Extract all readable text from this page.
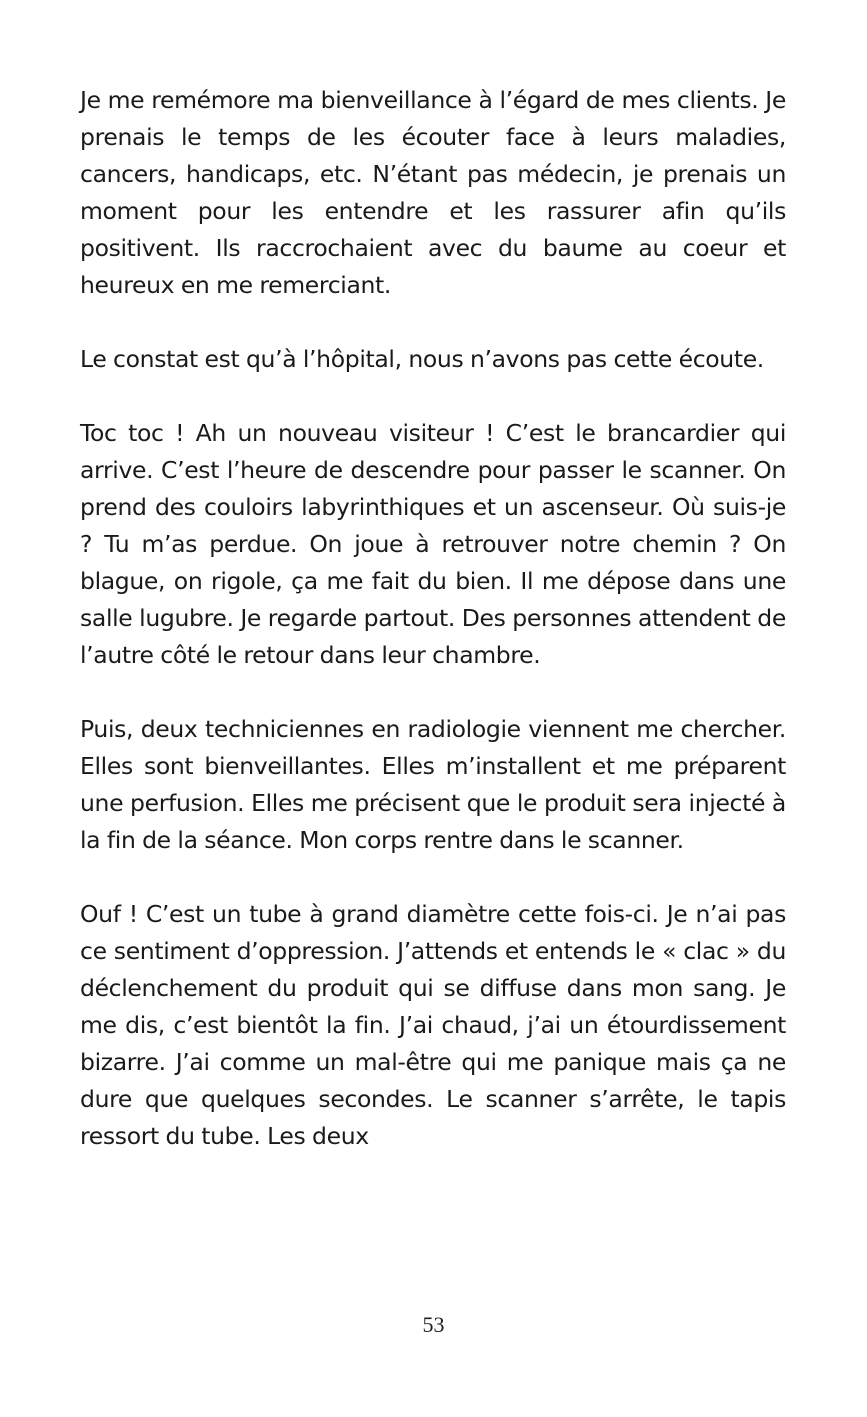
Je me remémore ma bienveillance à l’égard de mes clients. Je prenais le temps de les écouter face à leurs maladies, cancers, handicaps, etc. N’étant pas médecin, je prenais un moment pour les entendre et les rassurer afin qu’ils positivent. Ils raccrochaient avec du baume au coeur et heureux en me remerciant.

Le constat est qu’à l’hôpital, nous n’avons pas cette écoute.

Toc toc ! Ah un nouveau visiteur ! C’est le brancardier qui arrive. C’est l’heure de descendre pour passer le scanner. On prend des couloirs labyrinthiques et un ascenseur. Où suis-je ? Tu m’as perdue. On joue à retrouver notre chemin ? On blague, on rigole, ça me fait du bien. Il me dépose dans une salle lugubre. Je regarde partout. Des personnes attendent de l’autre côté le retour dans leur chambre.

Puis, deux techniciennes en radiologie viennent me chercher. Elles sont bienveillantes. Elles m’installent et me préparent une perfusion. Elles me précisent que le produit sera injecté à la fin de la séance. Mon corps rentre dans le scanner.

Ouf ! C’est un tube à grand diamètre cette fois-ci. Je n’ai pas ce sentiment d’oppression. J’attends et entends le « clac » du déclenchement du produit qui se diffuse dans mon sang. Je me dis, c’est bientôt la fin. J’ai chaud, j’ai un étourdissement bizarre. J’ai comme un mal-être qui me panique mais ça ne dure que quelques secondes. Le scanner s’arrête, le tapis ressort du tube. Les deux

53
